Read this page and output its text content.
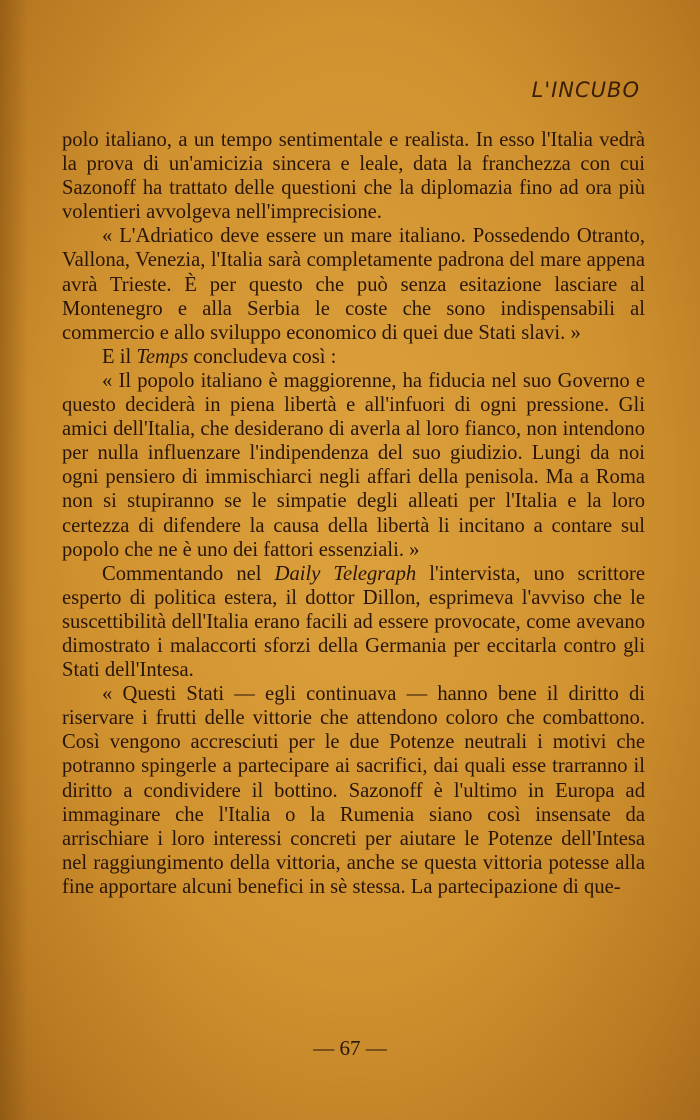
L'INCUBO

polo italiano, a un tempo sentimentale e realista. In esso l'Italia vedrà la prova di un'amicizia sincera e leale, data la franchezza con cui Sazonoff ha trattato delle questioni che la diplomazia fino ad ora più volentieri avvolgeva nell'imprecisione.

« L'Adriatico deve essere un mare italiano. Possedendo Otranto, Vallona, Venezia, l'Italia sarà completamente padrona del mare appena avrà Trieste. È per questo che può senza esitazione lasciare al Montenegro e alla Serbia le coste che sono indispensabili al commercio e allo sviluppo economico di quei due Stati slavi. »

E il Temps concludeva così :

« Il popolo italiano è maggiorenne, ha fiducia nel suo Governo e questo deciderà in piena libertà e all'infuori di ogni pressione. Gli amici dell'Italia, che desiderano di averla al loro fianco, non intendono per nulla influenzare l'indipendenza del suo giudizio. Lungi da noi ogni pensiero di immischiarci negli affari della penisola. Ma a Roma non si stupiranno se le simpatie degli alleati per l'Italia e la loro certezza di difendere la causa della libertà li incitano a contare sul popolo che ne è uno dei fattori essenziali. »

Commentando nel Daily Telegraph l'intervista, uno scrittore esperto di politica estera, il dottor Dillon, esprimeva l'avviso che le suscettibilità dell'Italia erano facili ad essere provocate, come avevano dimostrato i malaccorti sforzi della Germania per eccitarla contro gli Stati dell'Intesa.

« Questi Stati — egli continuava — hanno bene il diritto di riservare i frutti delle vittorie che attendono coloro che combattono. Così vengono accresciuti per le due Potenze neutrali i motivi che potranno spingerle a partecipare ai sacrifici, dai quali esse trarranno il diritto a condividere il bottino. Sazonoff è l'ultimo in Europa ad immaginare che l'Italia o la Rumenia siano così insensate da arrischiare i loro interessi concreti per aiutare le Potenze dell'Intesa nel raggiungimento della vittoria, anche se questa vittoria potesse alla fine apportare alcuni benefici in sè stessa. La partecipazione di que-

— 67 —
